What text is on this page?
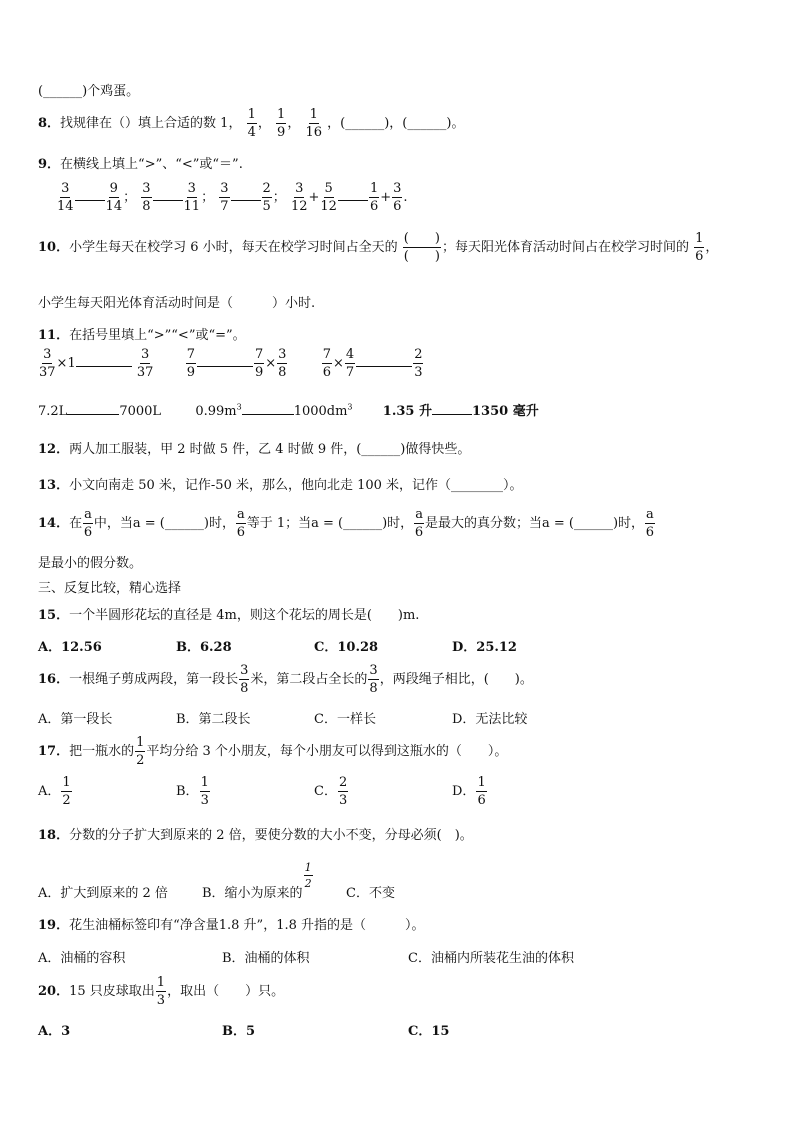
(______)个鸡蛋。
8．找规律在（）填上合适的数 1， $\frac{1}{4}$ ， $\frac{1}{9}$ ， $\frac{1}{16}$ ，(______)，(______)。
9．在横线上填上“>”、“<”或“＝”.
$\frac{3}{14} \frac{9}{14}$ ； $\frac{3}{8} \frac{3}{11}$ ； $\frac{3}{7} \frac{2}{5}$ ； $\frac{3}{12} + \frac{5}{12} \frac{1}{6} + \frac{3}{6}$ .
10．小学生每天在校学习 6 小时，每天在校学习时间占全天的
(　　)
(　　)
；每天阳光体育活动时间占在校学习时间的 $\frac{1}{6}$ ，
小学生每天阳光体育活动时间是（　　　）小时.
11．在括号里填上“>”“<”或“=”。
$\frac{3}{37} \times 1$	$\frac{3}{37}$
$\frac{7}{9}$	$\frac{7}{9} \times \frac{3}{8}$
	$\frac{7}{6} \times \frac{4}{7}$	$\frac{2}{3}$
7.2L	7000L	$0.99m^3$	$1000dm^3$ 1.35 升	1350 毫升
12．两人加工服装，甲 2 时做 5 件，乙 4 时做 9 件，(______)做得快些。
13．小文向南走 50 米，记作-50 米，那么，他向北走 100 米，记作（________）。
14．在 $\frac{a}{6}$ 中，当a = (______)时， $\frac{a}{6}$ 等于 1；当a = (______)时， $\frac{a}{6}$ 是最大的真分数；当a = (______)时， $\frac{a}{6}$
是最小的假分数。
三、反复比较，精心选择
15．一个半圆形花坛的直径是 4m，则这个花坛的周长是(　　)m.
A．12.56	B．6.28	C．10.28	D．25.12
16．一根绳子剪成两段，第一段长 $\frac{3}{8}$ 米，第二段占全长的 $\frac{3}{8}$ ，两段绳子相比，(　　)。
A．第一段长	B．第二段长	C．一样长	D．无法比较
17．把一瓶水的 $\frac{1}{2}$ 平均分给 3 个小朋友，每个小朋友可以得到这瓶水的（　　）。
A． $\frac{1}{2}$	B． $\frac{1}{3}$	C． $\frac{2}{3}$	D． $\frac{1}{6}$
18．分数的分子扩大到原来的 2 倍，要使分数的大小不变，分母必须(　)。
A．扩大到原来的 2 倍	B．缩小为原来的
$\frac{1}{2}$
C．不变
19．花生油桶标签印有“净含量1.8 升”，1.8 升指的是（　　　）。
A．油桶的容积	B．油桶的体积	C．油桶内所装花生油的体积
20．15 只皮球取出 $\frac{1}{3}$ ，取出（　　）只。
A．3	B．5	C．15
